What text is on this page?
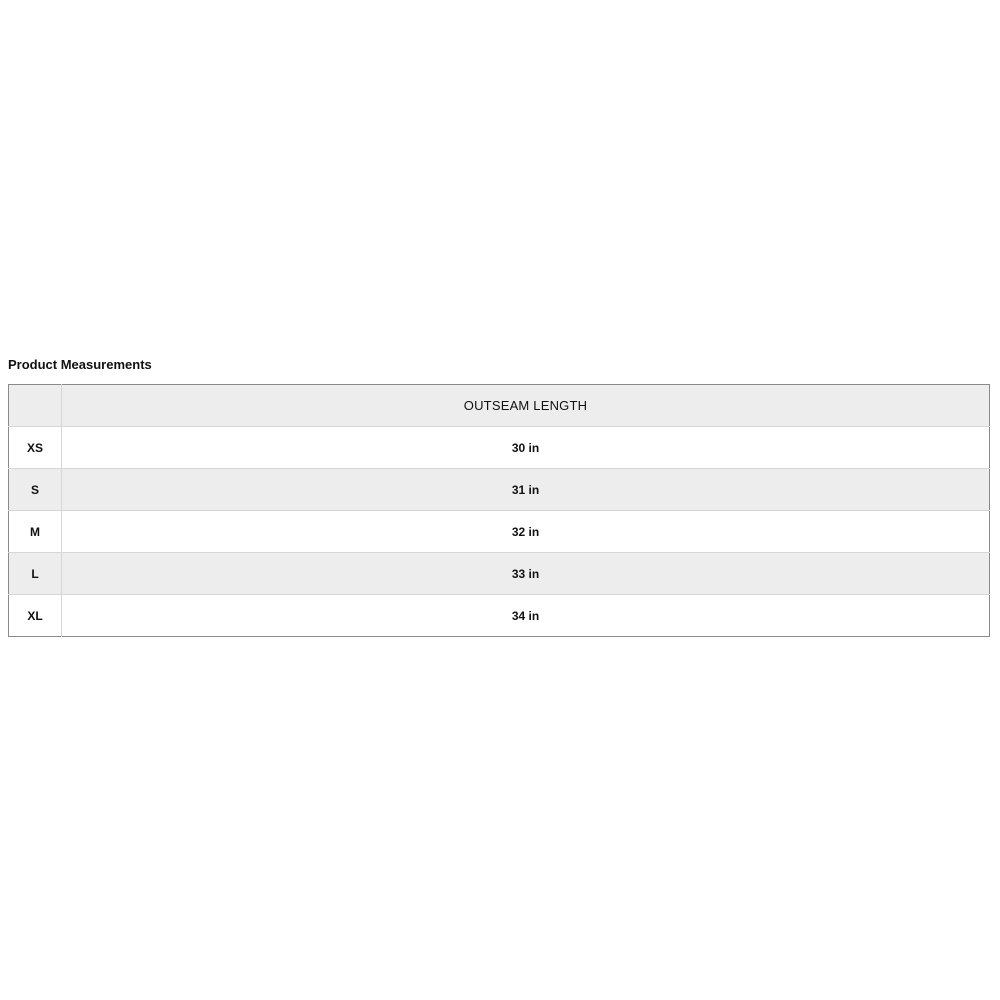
Product Measurements
	OUTSEAM LENGTH
XS	30 in
S	31 in
M	32 in
L	33 in
XL	34 in
